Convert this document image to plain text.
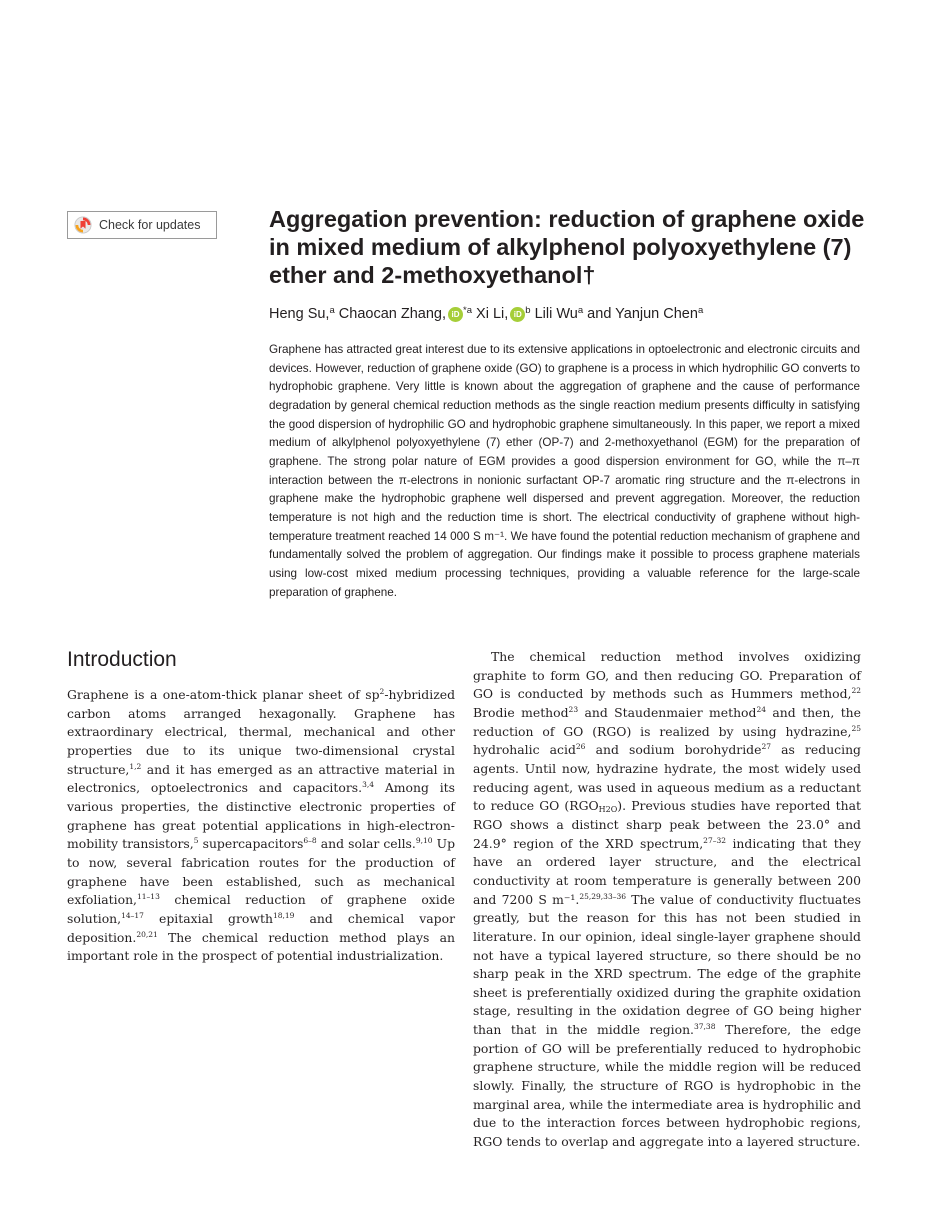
Check for updates	Aggregation prevention: reduction of graphene oxide in mixed medium of alkylphenol polyoxyethylene (7) ether and 2-methoxyethanol†
Heng Su,$^a$ Chaocan Zhang, iD $^{*a}$ Xi Li, iD $^b$ Lili Wu$^a$ and Yanjun Chen$^a$

Graphene has attracted great interest due to its extensive applications in optoelectronic and electronic circuits and devices. However, reduction of graphene oxide (GO) to graphene is a process in which hydrophilic GO converts to hydrophobic graphene. Very little is known about the aggregation of graphene and the cause of performance degradation by general chemical reduction methods as the single reaction medium presents difficulty in satisfying the good dispersion of hydrophilic GO and hydrophobic graphene simultaneously. In this paper, we report a mixed medium of alkylphenol polyoxyethylene (7) ether (OP-7) and 2-methoxyethanol (EGM) for the preparation of graphene. The strong polar nature of EGM provides a good dispersion environment for GO, while the π–π interaction between the π-electrons in nonionic surfactant OP-7 aromatic ring structure and the π-electrons in graphene make the hydrophobic graphene well dispersed and prevent aggregation. Moreover, the reduction temperature is not high and the reduction time is short. The electrical conductivity of graphene without high-temperature treatment reached 14 000 S m⁻¹. We have found the potential reduction mechanism of graphene and fundamentally solved the problem of aggregation. Our findings make it possible to process graphene materials using low-cost mixed medium processing techniques, providing a valuable reference for the large-scale preparation of graphene.

Introduction

Graphene is a one-atom-thick planar sheet of $sp^2$-hybridized carbon atoms arranged hexagonally. Graphene has extraordinary electrical, thermal, mechanical and other properties due to its unique two-dimensional crystal structure,$^{1,2}$ and it has emerged as an attractive material in electronics, optoelectronics and capacitors.$^{3,4}$ Among its various properties, the distinctive electronic properties of graphene has great potential applications in high-electron-mobility transistors,$^5$ supercapacitors$^{6-8}$ and solar cells.$^{9,10}$ Up to now, several fabrication routes for the production of graphene have been established, such as mechanical exfoliation,$^{11-13}$ chemical reduction of graphene oxide solution,$^{14-17}$ epitaxial growth$^{18,19}$ and chemical vapor deposition.$^{20,21}$ The chemical reduction method plays an important role in the prospect of potential industrialization.

The chemical reduction method involves oxidizing graphite to form GO, and then reducing GO. Preparation of GO is conducted by methods such as Hummers method,$^{22}$ Brodie method$^{23}$ and Staudenmaier method$^{24}$ and then, the reduction of GO (RGO) is realized by using hydrazine,$^{25}$ hydrohalic acid$^{26}$ and sodium borohydride$^{27}$ as reducing agents. Until now, hydrazine hydrate, the most widely used reducing agent, was used in aqueous medium as a reductant to reduce GO $(RGO_{H2O})$. Previous studies have reported that RGO shows a distinct sharp peak between the 23.0° and 24.9° region of the XRD spectrum,$^{27-32}$ indicating that they have an ordered layer structure, and the electrical conductivity at room temperature is generally between 200 and 7200 S m⁻¹.$^{25,29,33-36}$ The value of conductivity fluctuates greatly, but the reason for this has not been studied in literature. In our opinion, ideal single-layer graphene should not have a typical layered structure, so there should be no sharp peak in the XRD spectrum. The edge of the graphite sheet is preferentially oxidized during the graphite oxidation stage, resulting in the oxidation degree of GO being higher than that in the middle region.$^{37,38}$ Therefore, the edge portion of GO will be preferentially reduced to hydrophobic graphene structure, while the middle region will be reduced slowly. Finally, the structure of RGO is hydrophobic in the marginal area, while the intermediate area is hydrophilic and due to the interaction forces between hydrophobic regions, RGO tends to overlap and aggregate into a layered structure.
